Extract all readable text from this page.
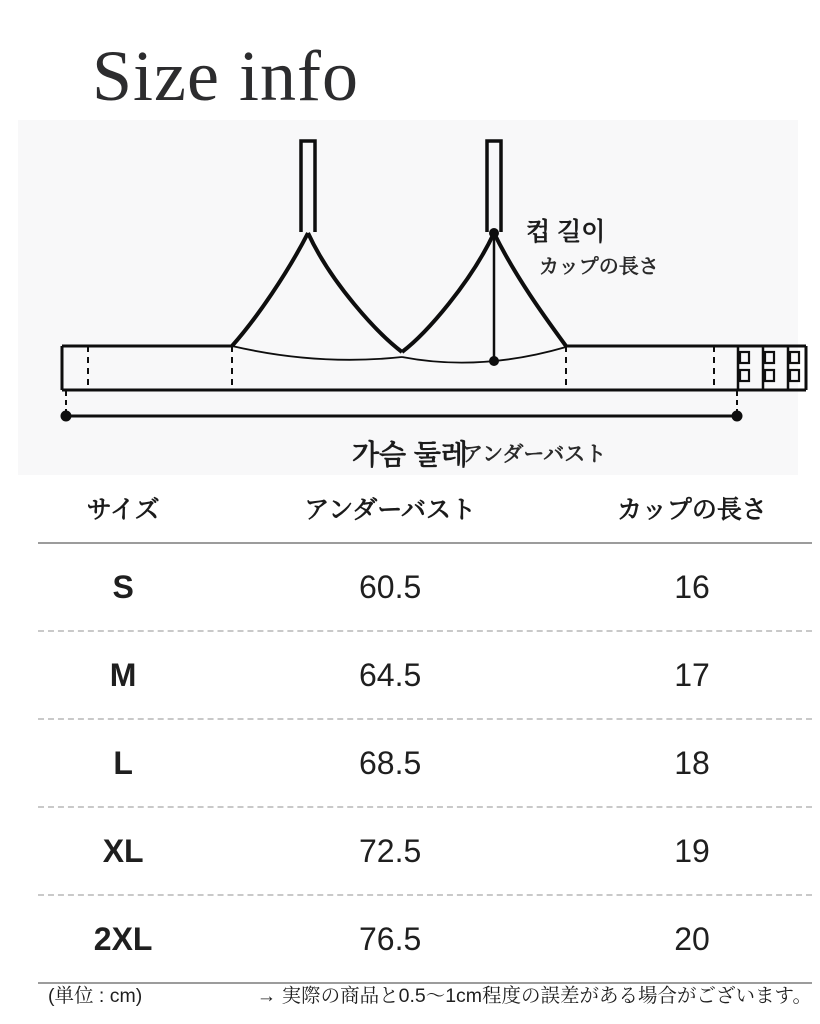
Size info
컵 길이
カップの長さ
가슴 둘레
アンダーバスト
サイズ	アンダーバスト	カップの長さ
S	60.5	16
M	64.5	17
L	68.5	18
XL	72.5	19
2XL	76.5	20
(単位 : cm)	→ 実際の商品と0.5〜1cm程度の誤差がある場合がございます。
